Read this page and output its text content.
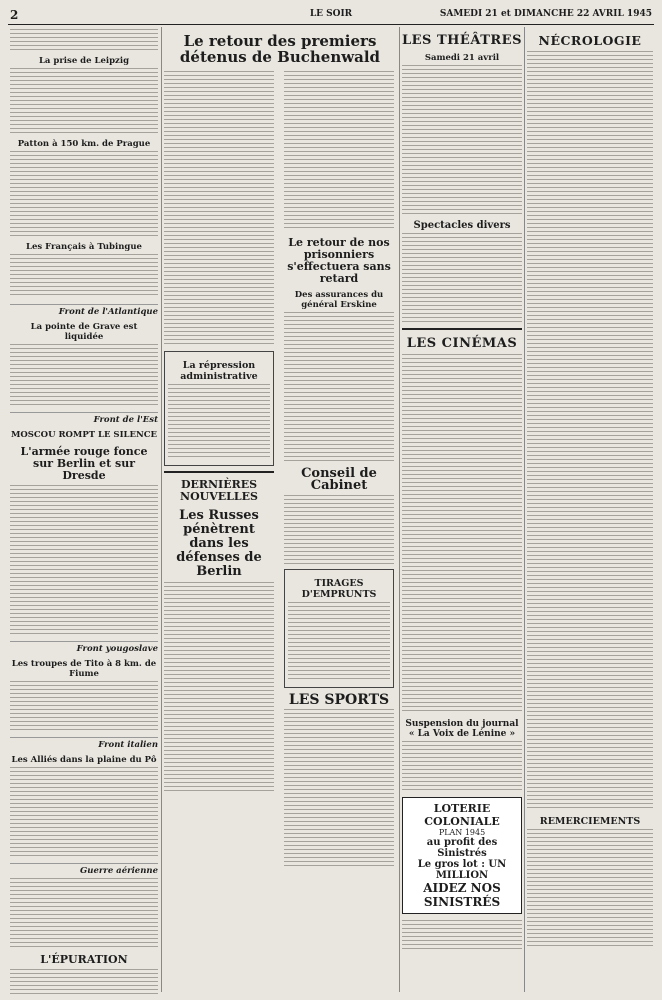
2	LE SOIR	SAMEDI 21 et DIMANCHE 22 AVRIL 1945
La prise de Leipzig
Patton à 150 km. de Prague
Les Français à Tubingue
Front de l'Atlantique
La pointe de Grave est liquidée
Front de l'Est
MOSCOU ROMPT LE SILENCE
L'armée rouge fonce sur Berlin et sur Dresde
Front yougoslave
Les troupes de Tito à 8 km. de Fiume
Front italien
Les Alliés dans la plaine du Pô
Guerre aérienne
L'ÉPURATION
Le retour des premiers détenus de Buchenwald
La répression administrative
DERNIÈRES NOUVELLES
Les Russes pénètrent dans les défenses de Berlin
Le retour de nos prisonniers s'effectuera sans retard
Des assurances du général Erskine
Conseil de Cabinet
TIRAGES D'EMPRUNTS
LES SPORTS
LES THÉÂTRES
Samedi 21 avril
Spectacles divers
LES CINÉMAS
Suspension du journal « La Voix de Lénine »
LOTERIE COLONIALE
PLAN 1945
au profit des Sinistrés
Le gros lot : UN MILLION
AIDEZ NOS SINISTRÉS
NÉCROLOGIE
REMERCIEMENTS
